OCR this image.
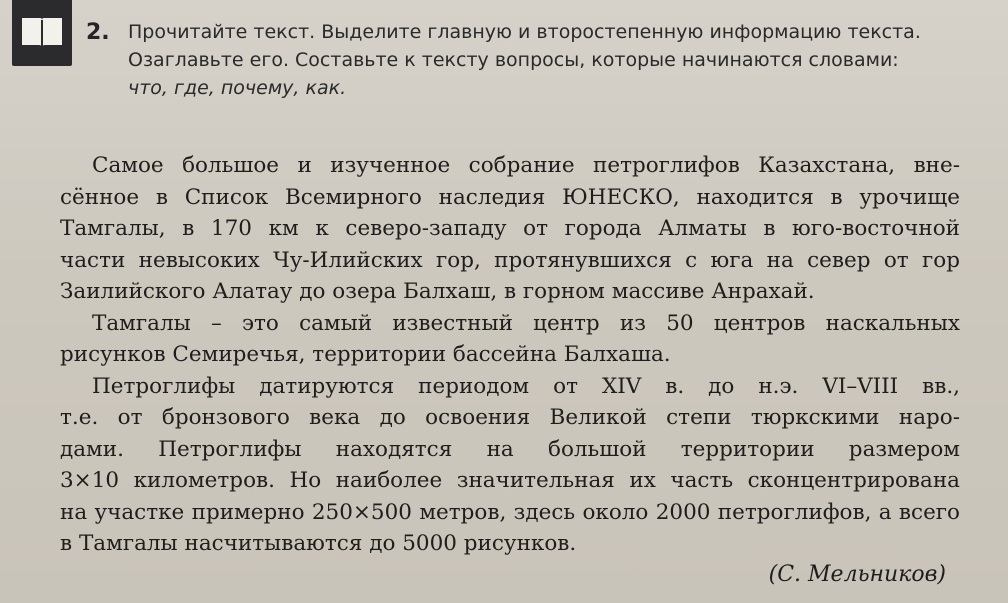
2. Прочитайте текст. Выделите главную и второстепенную информацию текста.
Озаглавьте его. Составьте к тексту вопросы, которые начинаются словами:
что, где, почему, как.
Самое большое и изученное собрание петроглифов Казахстана, вне-
сённое в Список Всемирного наследия ЮНЕСКО, находится в урочище
Тамгалы, в 170 км к северо-западу от города Алматы в юго-восточной
части невысоких Чу-Илийских гор, протянувшихся с юга на север от гор
Заилийского Алатау до озера Балхаш, в горном массиве Анрахай.
Тамгалы – это самый известный центр из 50 центров наскальных
рисунков Семиречья, территории бассейна Балхаша.
Петроглифы датируются периодом от XIV в. до н.э. VI–VIII вв.,
т.е. от бронзового века до освоения Великой степи тюркскими наро-
дами. Петроглифы находятся на большой территории размером
3×10 километров. Но наиболее значительная их часть сконцентрирована
на участке примерно 250×500 метров, здесь около 2000 петроглифов, а всего
в Тамгалы насчитываются до 5000 рисунков.
(С. Мельников)
